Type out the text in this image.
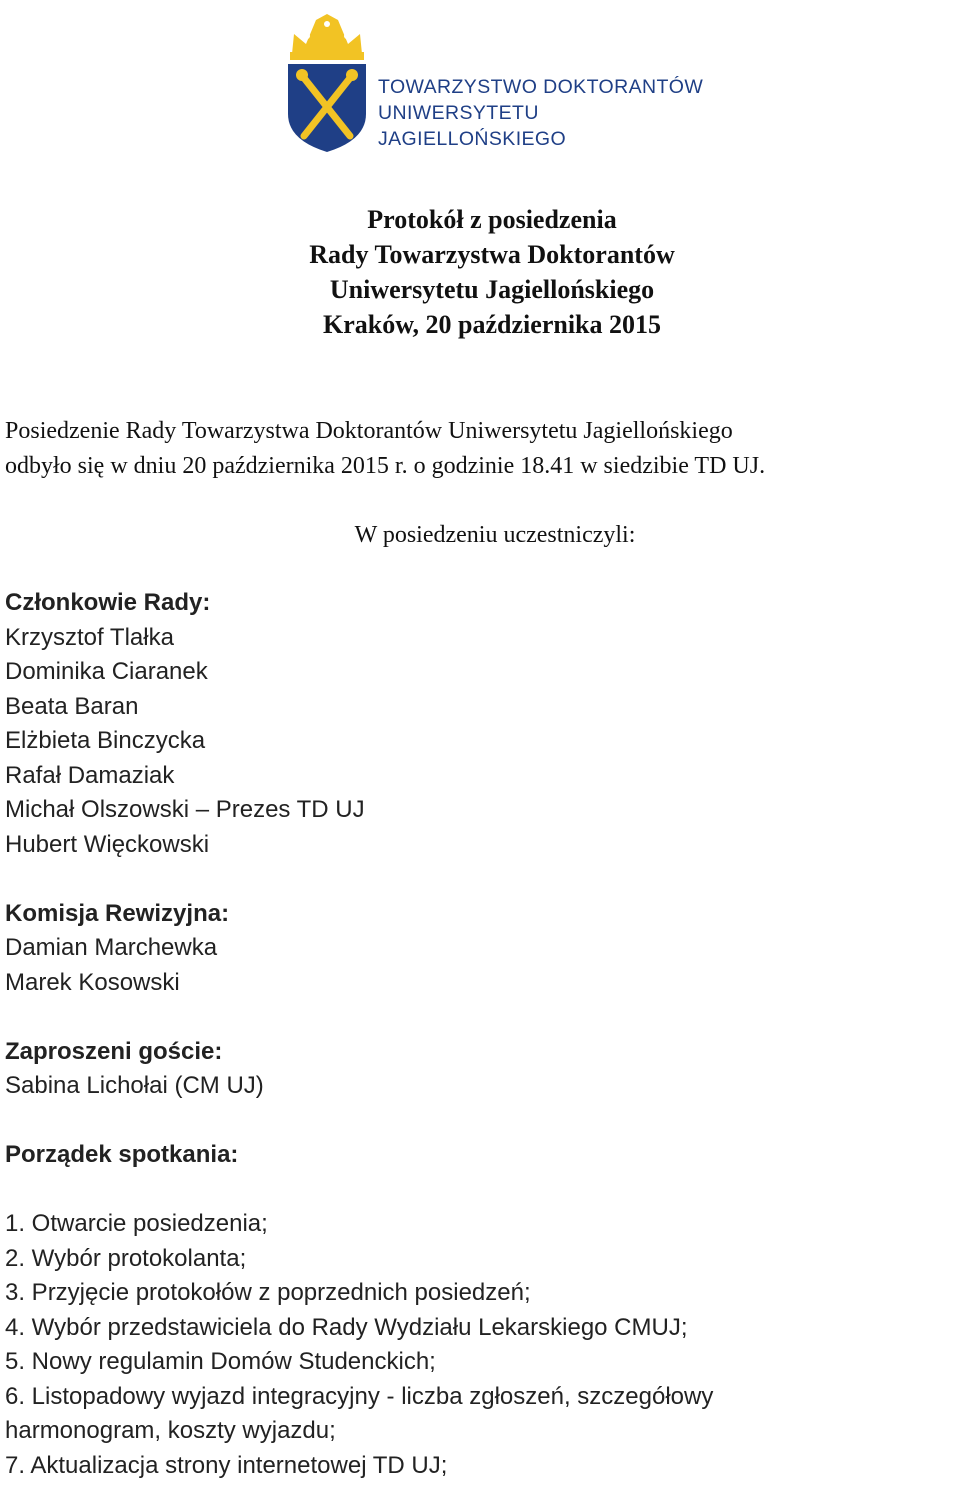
TOWARZYSTWO DOKTORANTÓW
UNIWERSYTETU JAGIELLOŃSKIEGO
Protokół z posiedzenia
Rady Towarzystwa Doktorantów
Uniwersytetu Jagiellońskiego
Kraków, 20 października 2015
Posiedzenie Rady Towarzystwa Doktorantów Uniwersytetu Jagiellońskiego
odbyło się w dniu 20 października 2015 r. o godzinie 18.41 w siedzibie TD UJ.
W posiedzeniu uczestniczyli:
Członkowie Rady:
Krzysztof Tlałka
Dominika Ciaranek
Beata Baran
Elżbieta Binczycka
Rafał Damaziak
Michał Olszowski – Prezes TD UJ
Hubert Więckowski
Komisja Rewizyjna:
Damian Marchewka
Marek Kosowski
Zaproszeni goście:
Sabina Lichołai (CM UJ)
Porządek spotkania:
1. Otwarcie posiedzenia;
2. Wybór protokolanta;
3. Przyjęcie protokołów z poprzednich posiedzeń;
4. Wybór przedstawiciela do Rady Wydziału Lekarskiego CMUJ;
5. Nowy regulamin Domów Studenckich;
6. Listopadowy wyjazd integracyjny - liczba zgłoszeń, szczegółowy harmonogram, koszty wyjazdu;
7. Aktualizacja strony internetowej TD UJ;
